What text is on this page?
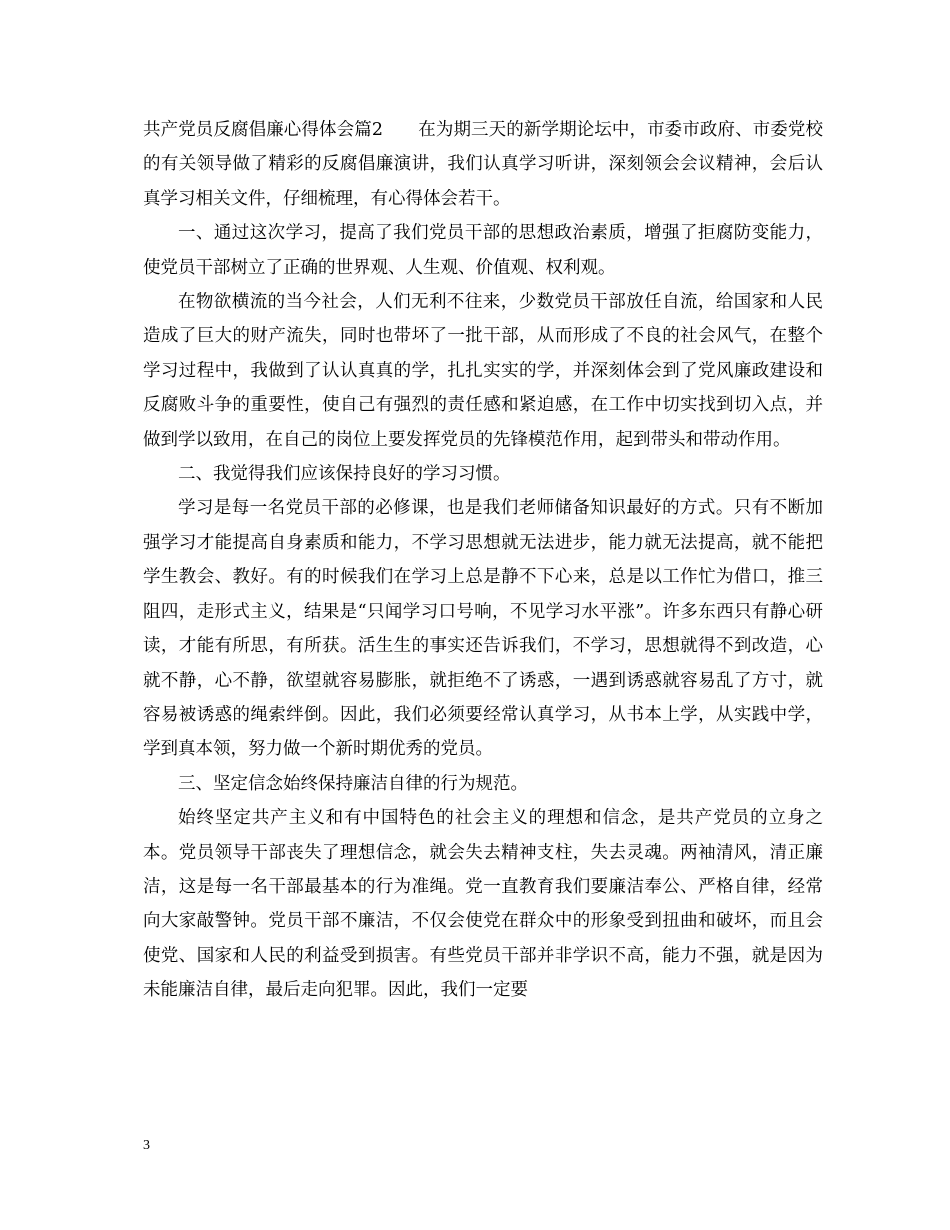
共产党员反腐倡廉心得体会篇2　　在为期三天的新学期论坛中，市委市政府、市委党校的有关领导做了精彩的反腐倡廉演讲，我们认真学习听讲，深刻领会会议精神，会后认真学习相关文件，仔细梳理，有心得体会若干。

一、通过这次学习，提高了我们党员干部的思想政治素质，增强了拒腐防变能力，使党员干部树立了正确的世界观、人生观、价值观、权利观。

在物欲横流的当今社会，人们无利不往来，少数党员干部放任自流，给国家和人民造成了巨大的财产流失，同时也带坏了一批干部，从而形成了不良的社会风气，在整个学习过程中，我做到了认认真真的学，扎扎实实的学，并深刻体会到了党风廉政建设和反腐败斗争的重要性，使自己有强烈的责任感和紧迫感，在工作中切实找到切入点，并做到学以致用，在自己的岗位上要发挥党员的先锋模范作用，起到带头和带动作用。

二、我觉得我们应该保持良好的学习习惯。

学习是每一名党员干部的必修课，也是我们老师储备知识最好的方式。只有不断加强学习才能提高自身素质和能力，不学习思想就无法进步，能力就无法提高，就不能把学生教会、教好。有的时候我们在学习上总是静不下心来，总是以工作忙为借口，推三阻四，走形式主义，结果是“只闻学习口号响，不见学习水平涨”。许多东西只有静心研读，才能有所思，有所获。活生生的事实还告诉我们，不学习，思想就得不到改造，心就不静，心不静，欲望就容易膨胀，就拒绝不了诱惑，一遇到诱惑就容易乱了方寸，就容易被诱惑的绳索绊倒。因此，我们必须要经常认真学习，从书本上学，从实践中学，学到真本领，努力做一个新时期优秀的党员。

三、坚定信念始终保持廉洁自律的行为规范。

始终坚定共产主义和有中国特色的社会主义的理想和信念，是共产党员的立身之本。党员领导干部丧失了理想信念，就会失去精神支柱，失去灵魂。两袖清风，清正廉洁，这是每一名干部最基本的行为准绳。党一直教育我们要廉洁奉公、严格自律，经常向大家敲警钟。党员干部不廉洁，不仅会使党在群众中的形象受到扭曲和破坏，而且会使党、国家和人民的利益受到损害。有些党员干部并非学识不高，能力不强，就是因为未能廉洁自律，最后走向犯罪。因此，我们一定要

3
